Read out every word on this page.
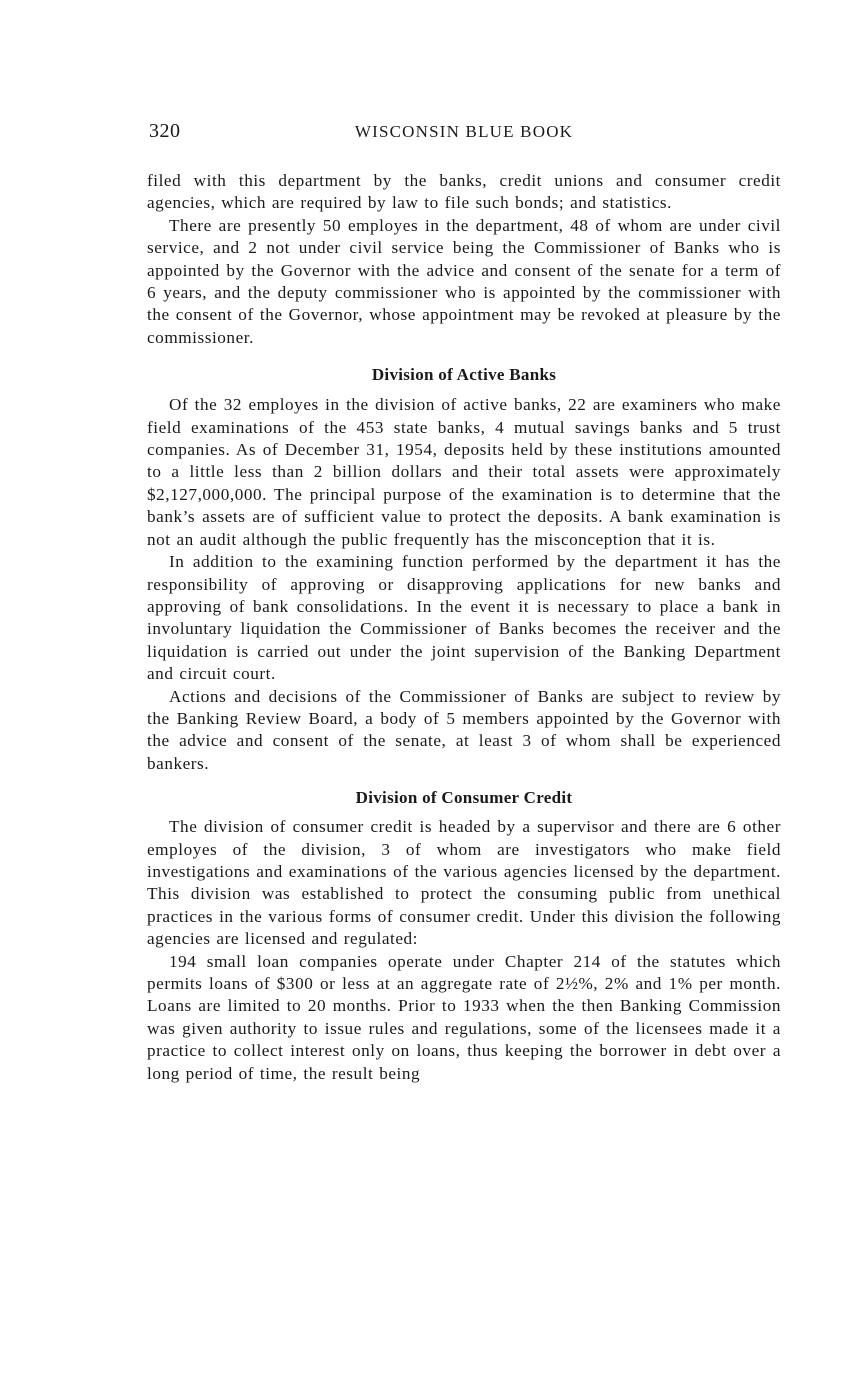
320	WISCONSIN BLUE BOOK

filed with this department by the banks, credit unions and consumer credit agencies, which are required by law to file such bonds; and statistics.

There are presently 50 employes in the department, 48 of whom are under civil service, and 2 not under civil service being the Commissioner of Banks who is appointed by the Governor with the advice and consent of the senate for a term of 6 years, and the deputy commissioner who is appointed by the commissioner with the consent of the Governor, whose appointment may be revoked at pleasure by the commissioner.

Division of Active Banks

Of the 32 employes in the division of active banks, 22 are examiners who make field examinations of the 453 state banks, 4 mutual savings banks and 5 trust companies. As of December 31, 1954, deposits held by these institutions amounted to a little less than 2 billion dollars and their total assets were approximately $2,127,000,000. The principal purpose of the examination is to determine that the bank’s assets are of sufficient value to protect the deposits. A bank examination is not an audit although the public frequently has the misconception that it is.

In addition to the examining function performed by the department it has the responsibility of approving or disapproving applications for new banks and approving of bank consolidations. In the event it is necessary to place a bank in involuntary liquidation the Commissioner of Banks becomes the receiver and the liquidation is carried out under the joint supervision of the Banking Department and circuit court.

Actions and decisions of the Commissioner of Banks are subject to review by the Banking Review Board, a body of 5 members appointed by the Governor with the advice and consent of the senate, at least 3 of whom shall be experienced bankers.

Division of Consumer Credit

The division of consumer credit is headed by a supervisor and there are 6 other employes of the division, 3 of whom are investigators who make field investigations and examinations of the various agencies licensed by the department. This division was established to protect the consuming public from unethical practices in the various forms of consumer credit. Under this division the following agencies are licensed and regulated:

194 small loan companies operate under Chapter 214 of the statutes which permits loans of $300 or less at an aggregate rate of 2½%, 2% and 1% per month. Loans are limited to 20 months. Prior to 1933 when the then Banking Commission was given authority to issue rules and regulations, some of the licensees made it a practice to collect interest only on loans, thus keeping the borrower in debt over a long period of time, the result being
